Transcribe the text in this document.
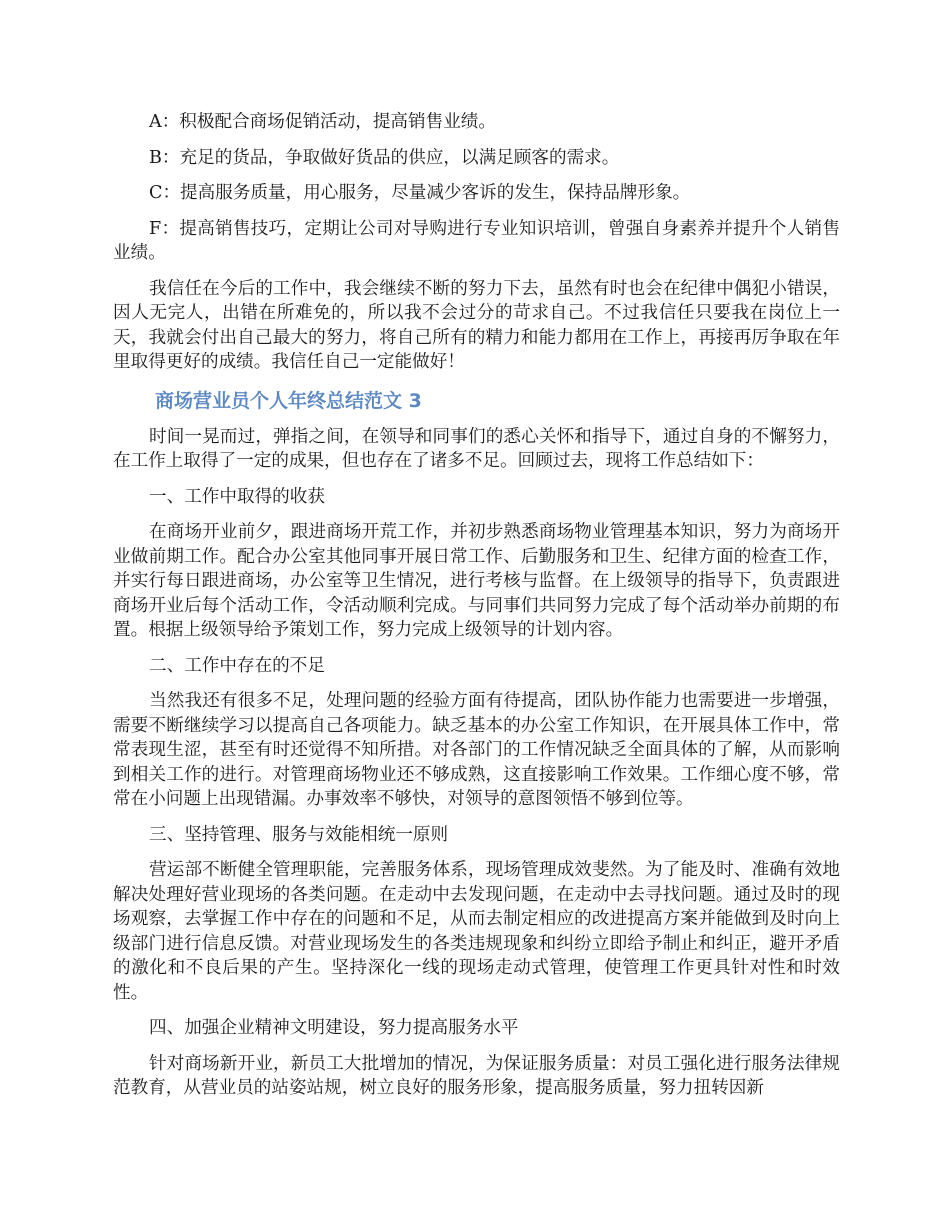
A：积极配合商场促销活动，提高销售业绩。

B：充足的货品，争取做好货品的供应，以满足顾客的需求。

C：提高服务质量，用心服务，尽量减少客诉的发生，保持品牌形象。

F：提高销售技巧，定期让公司对导购进行专业知识培训，曾强自身素养并提升个人销售业绩。

我信任在今后的工作中，我会继续不断的努力下去，虽然有时也会在纪律中偶犯小错误，因人无完人，出错在所难免的，所以我不会过分的苛求自己。不过我信任只要我在岗位上一天，我就会付出自己最大的努力，将自己所有的精力和能力都用在工作上，再接再厉争取在年里取得更好的成绩。我信任自己一定能做好！

商场营业员个人年终总结范文 3

时间一晃而过，弹指之间，在领导和同事们的悉心关怀和指导下，通过自身的不懈努力，在工作上取得了一定的成果，但也存在了诸多不足。回顾过去，现将工作总结如下：

一、工作中取得的收获

在商场开业前夕，跟进商场开荒工作，并初步熟悉商场物业管理基本知识，努力为商场开业做前期工作。配合办公室其他同事开展日常工作、后勤服务和卫生、纪律方面的检查工作，并实行每日跟进商场，办公室等卫生情况，进行考核与监督。在上级领导的指导下，负责跟进商场开业后每个活动工作，令活动顺利完成。与同事们共同努力完成了每个活动举办前期的布置。根据上级领导给予策划工作，努力完成上级领导的计划内容。

二、工作中存在的不足

当然我还有很多不足，处理问题的经验方面有待提高，团队协作能力也需要进一步增强，需要不断继续学习以提高自己各项能力。缺乏基本的办公室工作知识，在开展具体工作中，常常表现生涩，甚至有时还觉得不知所措。对各部门的工作情况缺乏全面具体的了解，从而影响到相关工作的进行。对管理商场物业还不够成熟，这直接影响工作效果。工作细心度不够，常常在小问题上出现错漏。办事效率不够快，对领导的意图领悟不够到位等。

三、坚持管理、服务与效能相统一原则

营运部不断健全管理职能，完善服务体系，现场管理成效斐然。为了能及时、准确有效地解决处理好营业现场的各类问题。在走动中去发现问题，在走动中去寻找问题。通过及时的现场观察，去掌握工作中存在的问题和不足，从而去制定相应的改进提高方案并能做到及时向上级部门进行信息反馈。对营业现场发生的各类违规现象和纠纷立即给予制止和纠正，避开矛盾的激化和不良后果的产生。坚持深化一线的现场走动式管理，使管理工作更具针对性和时效性。

四、加强企业精神文明建设，努力提高服务水平

针对商场新开业，新员工大批增加的情况，为保证服务质量：对员工强化进行服务法律规范教育，从营业员的站姿站规，树立良好的服务形象，提高服务质量，努力扭转因新
